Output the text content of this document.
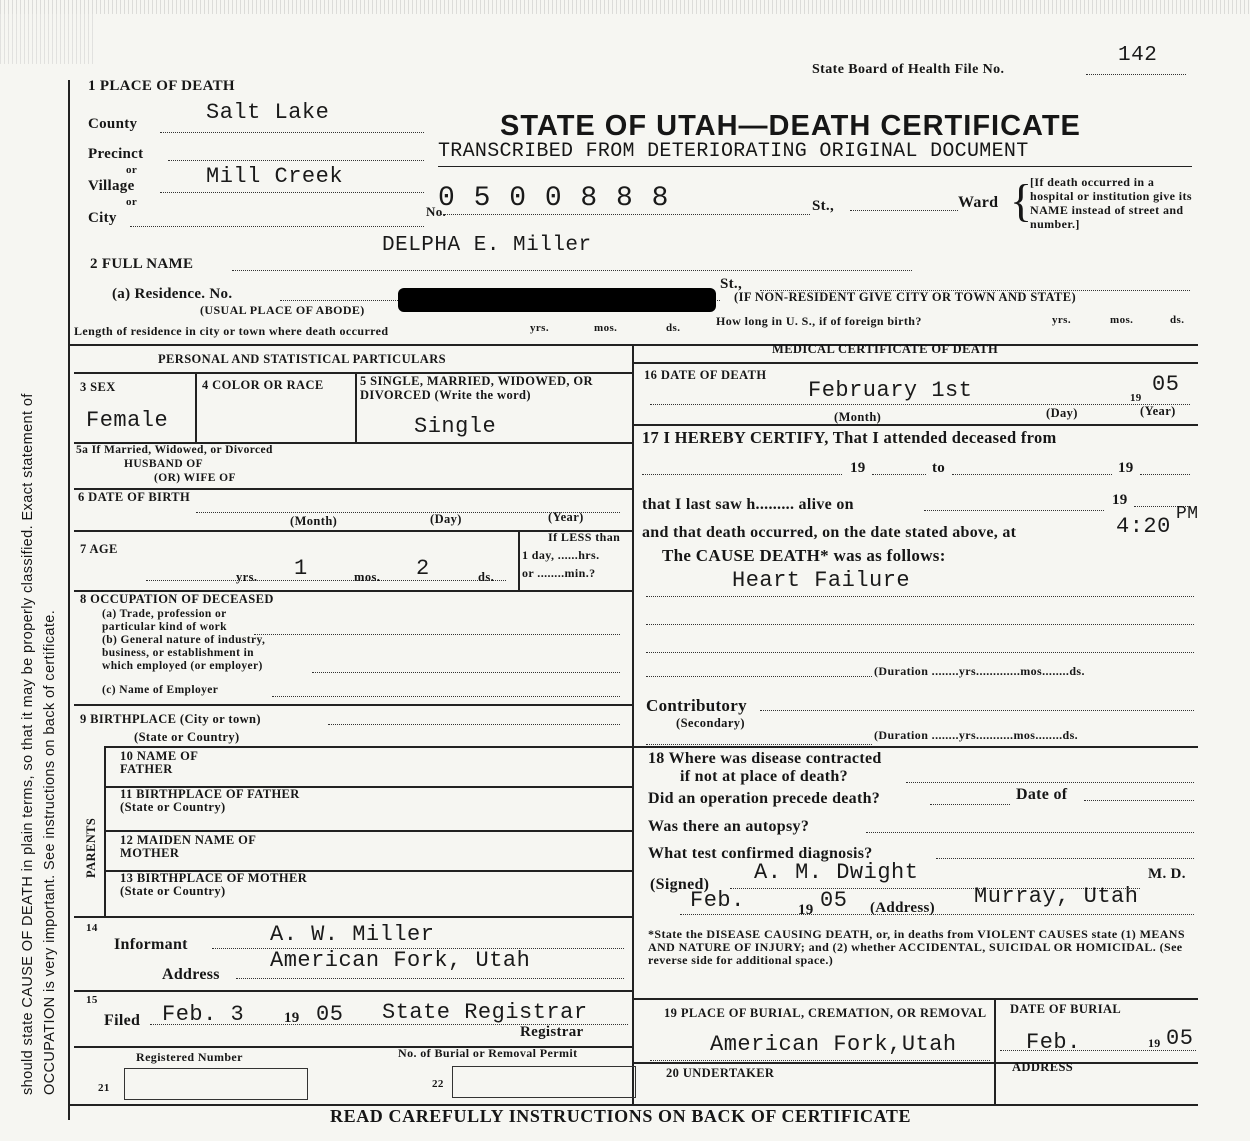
should state CAUSE OF DEATH in plain terms, so that it may be properly classified. Exact statement of OCCUPATION is very important. See instructions on back of certificate.
State Board of Health File No.
142
STATE OF UTAH—DEATH CERTIFICATE
TRANSCRIBED FROM DETERIORATING ORIGINAL DOCUMENT
1 PLACE OF DEATH
County	Salt Lake
Precinct
or
Village	Mill Creek
or
City	No.
0 5 0 0 8 8 8	St.,	Ward {
[If death occurred in a hospital or institution give its NAME instead of street and number.]
2 FULL NAME
DELPHA E. Miller
(a) Residence. No.
(USUAL PLACE OF ABODE)
St.,
(IF NON-RESIDENT GIVE CITY OR TOWN AND STATE)
Length of residence in city or town where death occurred	yrs.	mos.	ds.	How long in U. S., if of foreign birth?	yrs.	mos.	ds.
PERSONAL AND STATISTICAL PARTICULARS
3 SEX
Female
4 COLOR OR RACE	5 SINGLE, MARRIED, WIDOWED, OR DIVORCED (Write the word)
Single
5a If Married, Widowed, or Divorced
HUSBAND OF
(OR) WIFE OF
6 DATE OF BIRTH
(Month)	(Day)	(Year)
7 AGE
yrs. 1	mos. 2	ds.
If LESS than
1 day, ......hrs.
or ........min.?
8 OCCUPATION OF DECEASED
(a) Trade, profession or
particular kind of work
(b) General nature of industry,
business, or establishment in
which employed (or employer)
(c) Name of Employer
9 BIRTHPLACE (City or town)
(State or Country)
PARENTS
10 NAME OF FATHER
11 BIRTHPLACE OF FATHER (State or Country)
12 MAIDEN NAME OF MOTHER
13 BIRTHPLACE OF MOTHER (State or Country)
14
Informant	A. W. Miller
Address
American Fork, Utah
15
Filed Feb. 3	19 05 State Registrar
Registrar
Registered Number	No. of Burial or Removal Permit
21	22
MEDICAL CERTIFICATE OF DEATH
16 DATE OF DEATH
February 1st	19
05
(Month)	(Day)	(Year)
17 I HEREBY CERTIFY, That I attended deceased from
19	to	19
that I last saw h......... alive on	19
and that death occurred, on the date stated above, at	4:20 PM
The CAUSE DEATH* was as follows:
Heart Failure
(Duration ........yrs.............mos........ds.
Contributory
(Secondary)
(Duration ........yrs...........mos........ds.
18 Where was disease contracted
if not at place of death?
Did an operation precede death?	Date of
Was there an autopsy?
What test confirmed diagnosis?
(Signed) A. M. Dwight	M. D.
Feb.	19 05 (Address) Murray, Utah
*State the DISEASE CAUSING DEATH, or, in deaths from VIOLENT CAUSES state (1) MEANS AND NATURE OF INJURY; and (2) whether ACCIDENTAL, SUICIDAL OR HOMICIDAL. (See reverse side for additional space.)
19 PLACE OF BURIAL, CREMATION, OR REMOVAL
American Fork,Utah
DATE OF BURIAL
Feb.	19 05
20 UNDERTAKER	ADDRESS
READ CAREFULLY INSTRUCTIONS ON BACK OF CERTIFICATE
